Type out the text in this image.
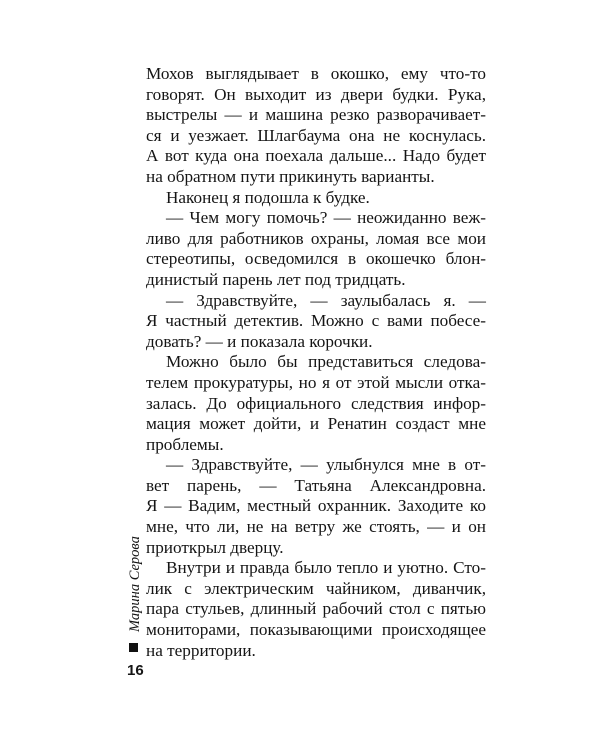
Мохов выглядывает в окошко, ему что-то
говорят. Он выходит из двери будки. Рука,
выстрелы — и машина резко разворачивает-
ся и уезжает. Шлагбаума она не коснулась.
А вот куда она поехала дальше... Надо будет
на обратном пути прикинуть варианты.
Наконец я подошла к будке.
— Чем могу помочь? — неожиданно веж-
ливо для работников охраны, ломая все мои
стереотипы, осведомился в окошечко блон-
динистый парень лет под тридцать.
— Здравствуйте, — заулыбалась я. —
Я частный детектив. Можно с вами побесе-
довать? — и показала корочки.
Можно было бы представиться следова-
телем прокуратуры, но я от этой мысли отка-
залась. До официального следствия инфор-
мация может дойти, и Ренатин создаст мне
проблемы.
— Здравствуйте, — улыбнулся мне в от-
вет парень, — Татьяна Александровна.
Я — Вадим, местный охранник. Заходите ко
мне, что ли, не на ветру же стоять, — и он
приоткрыл дверцу.
Внутри и правда было тепло и уютно. Сто-
лик с электрическим чайником, диванчик,
пара стульев, длинный рабочий стол с пятью
мониторами, показывающими происходящее
на территории.
Марина Серова
16
